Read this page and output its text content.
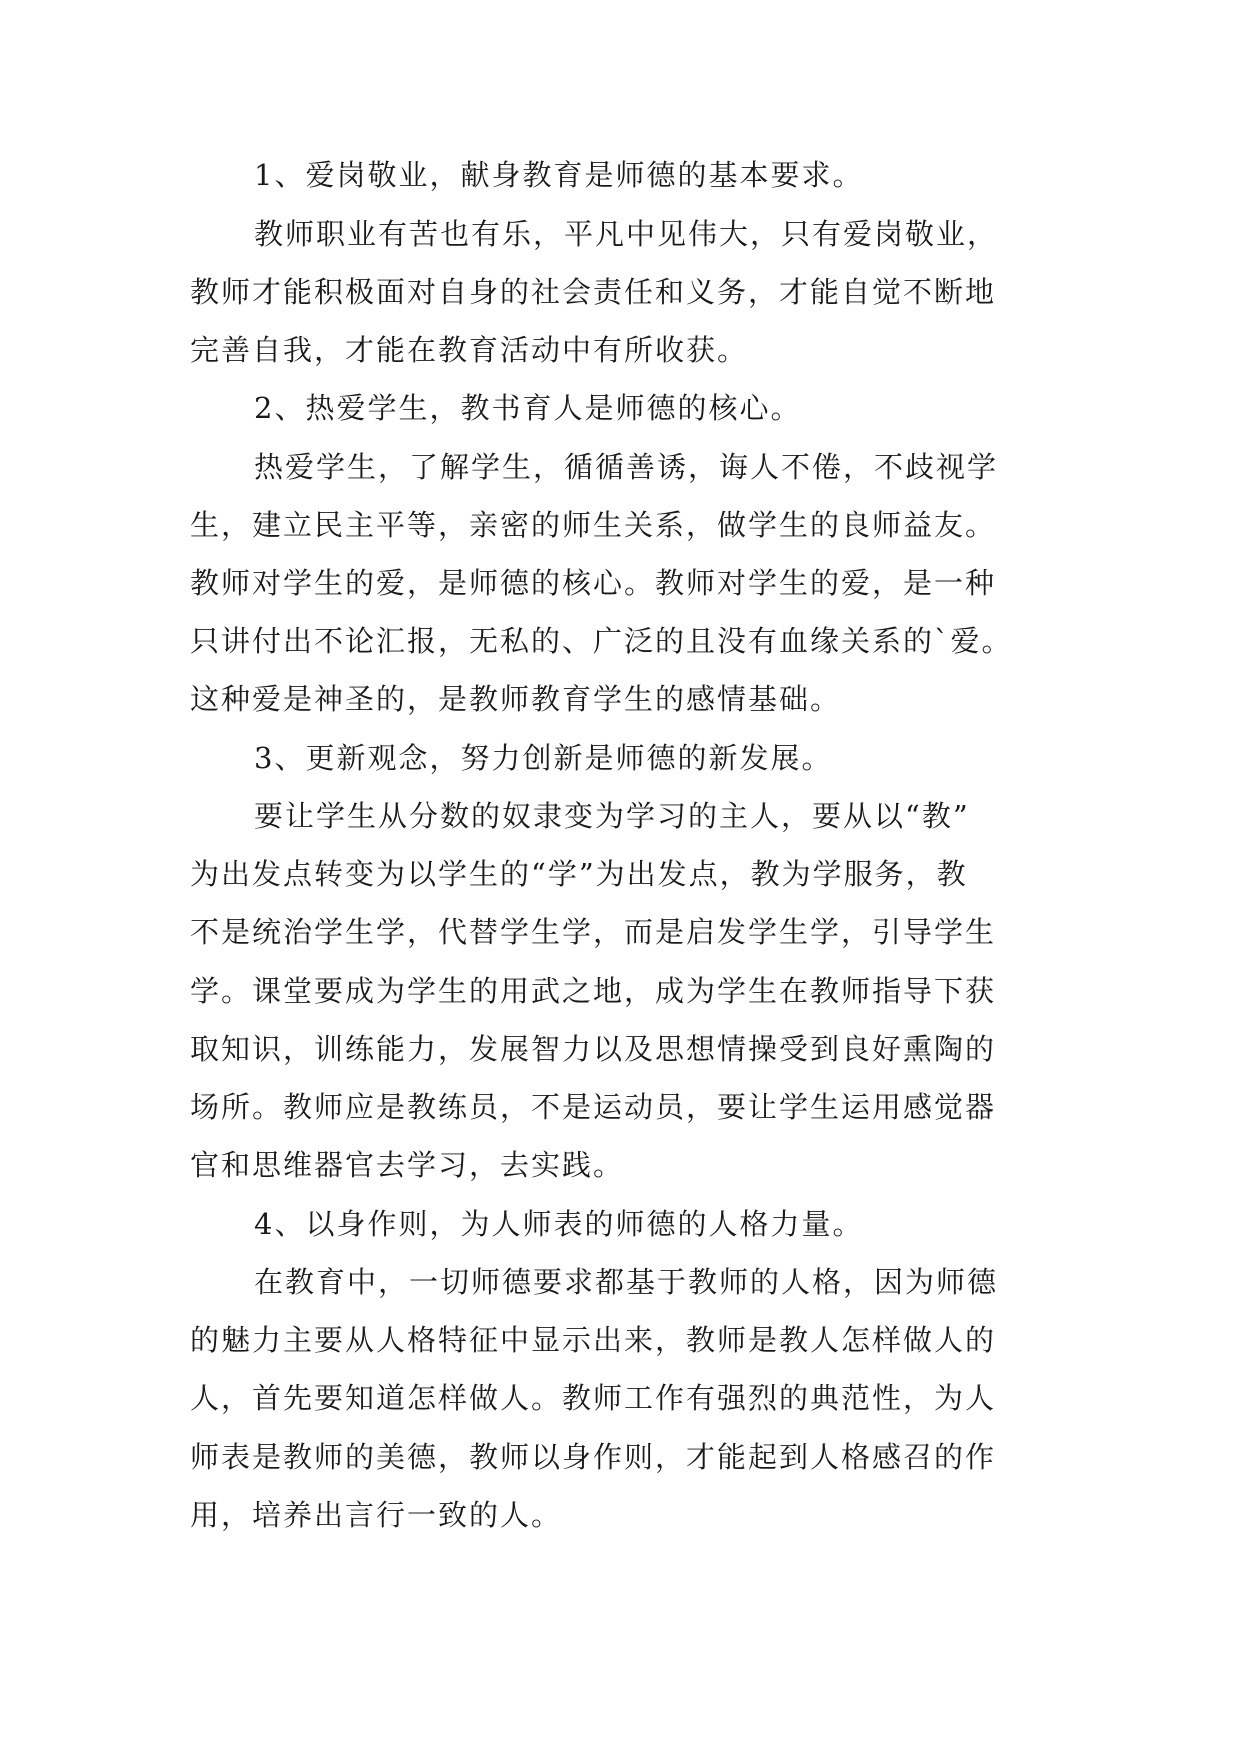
1、爱岗敬业，献身教育是师德的基本要求。
教师职业有苦也有乐，平凡中见伟大，只有爱岗敬业，
教师才能积极面对自身的社会责任和义务，才能自觉不断地
完善自我，才能在教育活动中有所收获。
2、热爱学生，教书育人是师德的核心。
热爱学生，了解学生，循循善诱，诲人不倦，不歧视学
生，建立民主平等，亲密的师生关系，做学生的良师益友。
教师对学生的爱，是师德的核心。教师对学生的爱，是一种
只讲付出不论汇报，无私的、广泛的且没有血缘关系的`爱。
这种爱是神圣的，是教师教育学生的感情基础。
3、更新观念，努力创新是师德的新发展。
要让学生从分数的奴隶变为学习的主人，要从以“教”
为出发点转变为以学生的“学”为出发点，教为学服务，教
不是统治学生学，代替学生学，而是启发学生学，引导学生
学。课堂要成为学生的用武之地，成为学生在教师指导下获
取知识，训练能力，发展智力以及思想情操受到良好熏陶的
场所。教师应是教练员，不是运动员，要让学生运用感觉器
官和思维器官去学习，去实践。
4、以身作则，为人师表的师德的人格力量。
在教育中，一切师德要求都基于教师的人格，因为师德
的魅力主要从人格特征中显示出来，教师是教人怎样做人的
人，首先要知道怎样做人。教师工作有强烈的典范性，为人
师表是教师的美德，教师以身作则，才能起到人格感召的作
用，培养出言行一致的人。
